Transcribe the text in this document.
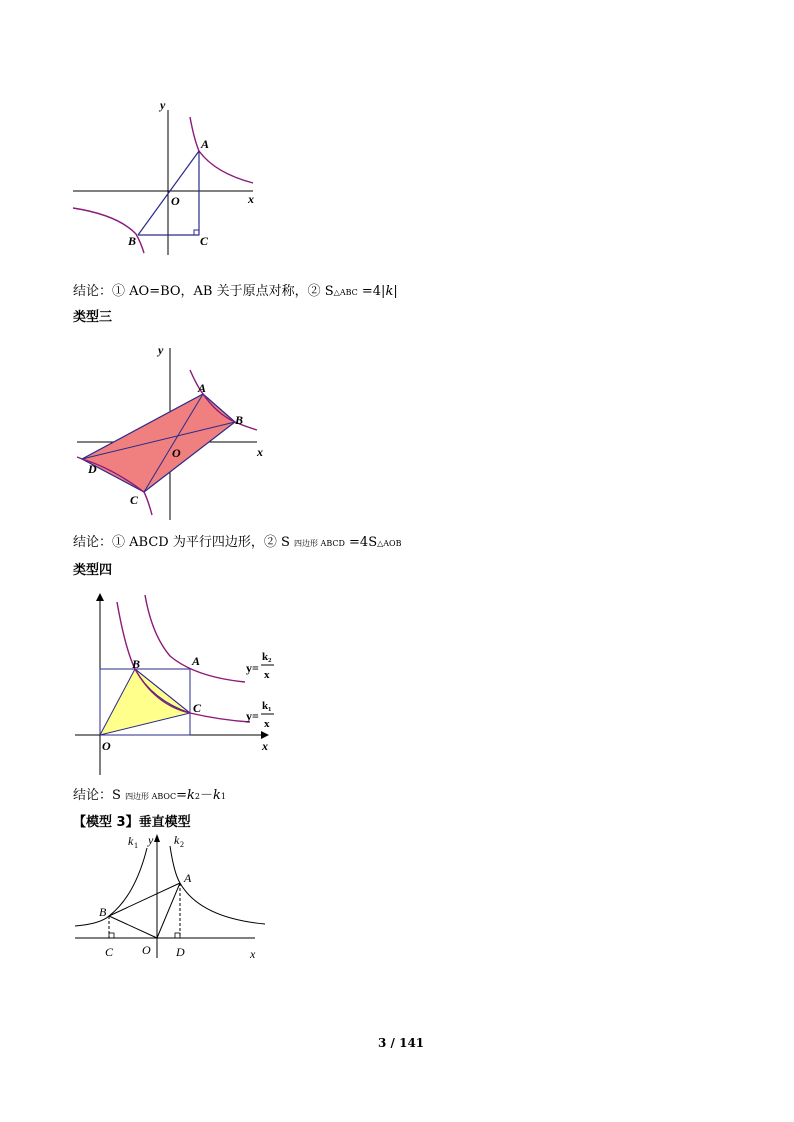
y
x
O
A
B	C
结论：① AO=BO，AB 关于原点对称，② S△ABC =4|k|
类型三
y
x
O
A
B
C
D
结论：① ABCD 为平行四边形，② S 四边形 ABCD =4S△AOB
类型四
x
O
A
B
C
y=
k₂
x
y=
k₁
x
结论：S 四边形 ABOC=k2－k1
【模型 3】垂直模型
k 1 y k 2
A
B
C O D	x
3 / 141
